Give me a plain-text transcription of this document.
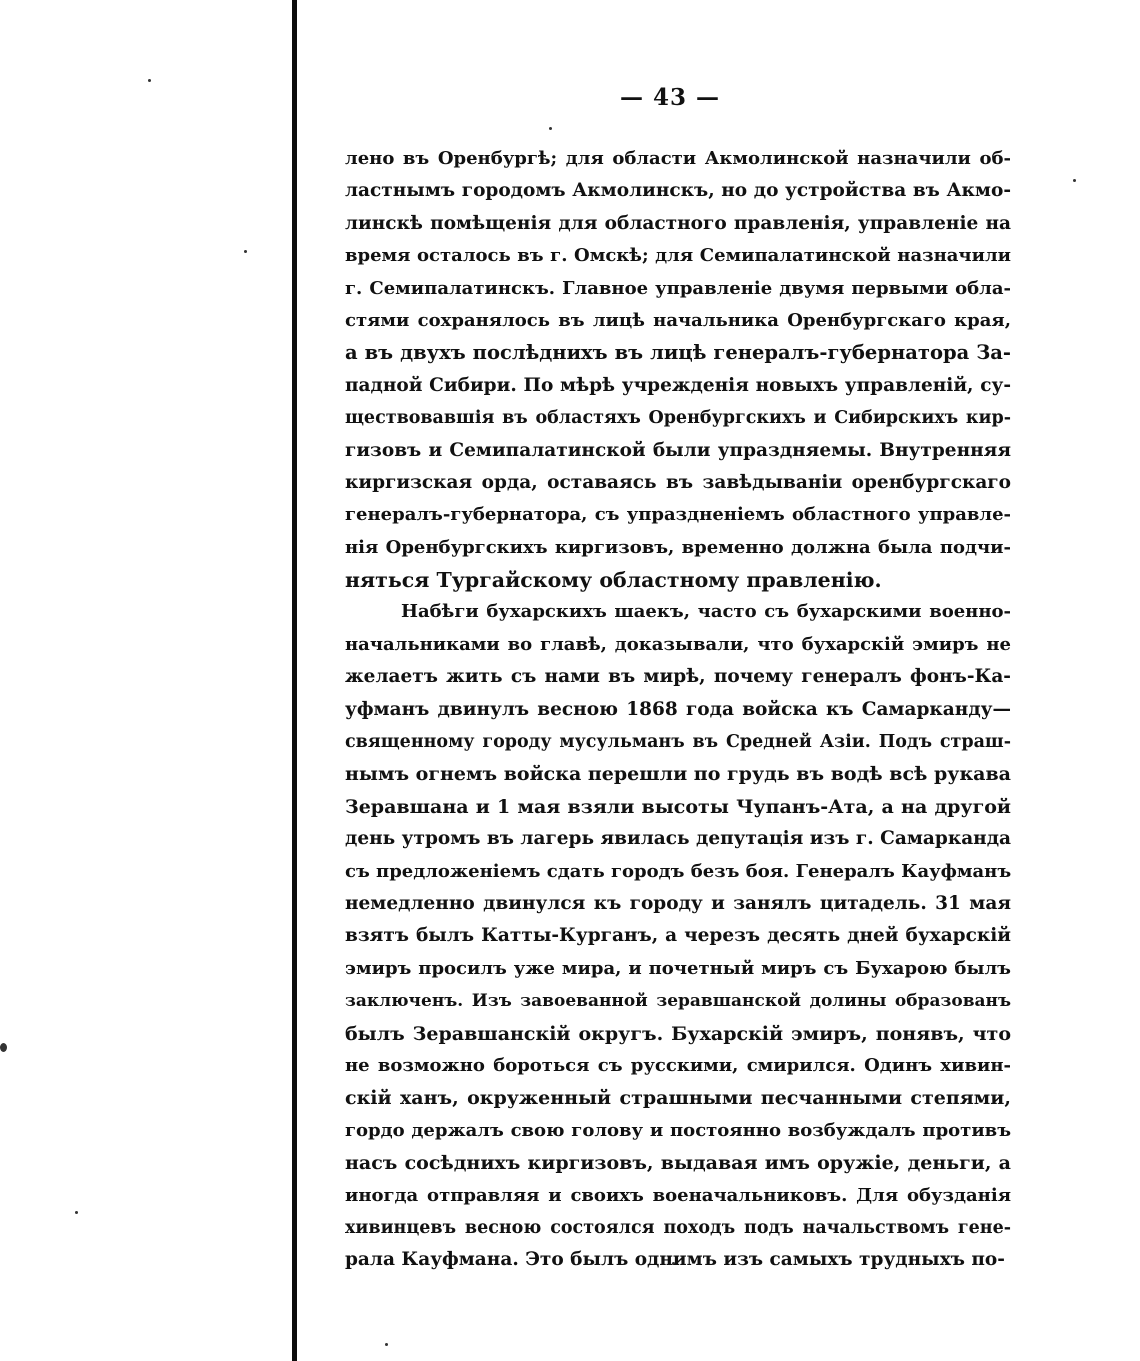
— 43 —
лено въ Оренбургѣ; для области Акмолинской назначили об-
ластнымъ городомъ Акмолинскъ, но до устройства въ Акмо-
линскѣ помѣщенія для областного правленія, управленіе на
время осталось въ г. Омскѣ; для Семипалатинской назначили
г. Семипалатинскъ. Главное управленіе двумя первыми обла-
стями сохранялось въ лицѣ начальника Оренбургскаго края,
а въ двухъ послѣднихъ въ лицѣ генералъ-губернатора За-
падной Сибири. По мѣрѣ учрежденія новыхъ управленій, су-
ществовавшія въ областяхъ Оренбургскихъ и Сибирскихъ кир-
гизовъ и Семипалатинской были упраздняемы. Внутренняя
киргизская орда, оставаясь въ завѣдываніи оренбургскаго
генералъ-губернатора, съ упраздненіемъ областного управле-
нія Оренбургскихъ киргизовъ, временно должна была подчи-
няться Тургайскому областному правленію.
Набѣги бухарскихъ шаекъ, часто съ бухарскими военно-
начальниками во главѣ, доказывали, что бухарскій эмиръ не
желаетъ жить съ нами въ мирѣ, почему генералъ фонъ-Ка-
уфманъ двинулъ весною 1868 года войска къ Самарканду—
священному городу мусульманъ въ Средней Азіи. Подъ страш-
нымъ огнемъ войска перешли по грудь въ водѣ всѣ рукава
Зеравшана и 1 мая взяли высоты Чупанъ-Ата, а на другой
день утромъ въ лагерь явилась депутація изъ г. Самарканда
съ предложеніемъ сдать городъ безъ боя. Генералъ Кауфманъ
немедленно двинулся къ городу и занялъ цитадель. 31 мая
взятъ былъ Катты-Курганъ, а черезъ десять дней бухарскій
эмиръ просилъ уже мира, и почетный миръ съ Бухарою былъ
заключенъ. Изъ завоеванной зеравшанской долины образованъ
былъ Зеравшанскій округъ. Бухарскій эмиръ, понявъ, что
не возможно бороться съ русскими, смирился. Одинъ хивин-
скій ханъ, окруженный страшными песчанными степями,
гордо держалъ свою голову и постоянно возбуждалъ противъ
насъ сосѣднихъ киргизовъ, выдавая имъ оружіе, деньги, а
иногда отправляя и своихъ военачальниковъ. Для обузданія
хивинцевъ весною состоялся походъ подъ начальствомъ гене-
рала Кауфмана. Это былъ однимъ изъ самыхъ трудныхъ по-
